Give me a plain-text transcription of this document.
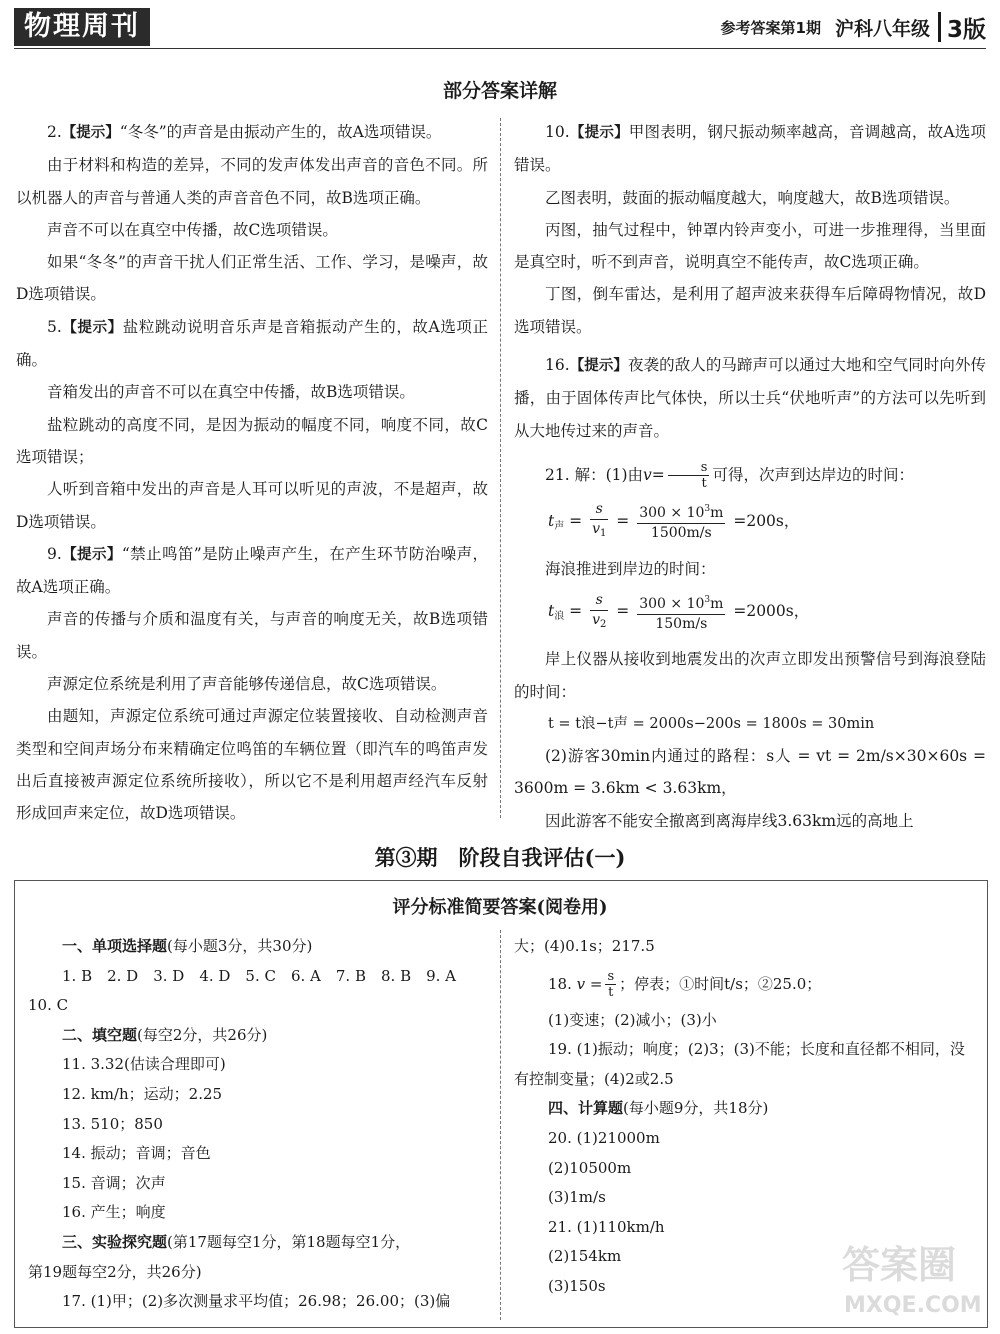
物理周刊	参考答案第1期 沪科八年级 3版
部分答案详解

2.【提示】“冬冬”的声音是由振动产生的，故A选项错误。

由于材料和构造的差异，不同的发声体发出声音的音色不同。所以机器人的声音与普通人类的声音音色不同，故B选项正确。

声音不可以在真空中传播，故C选项错误。

如果“冬冬”的声音干扰人们正常生活、工作、学习，是噪声，故D选项错误。

5.【提示】盐粒跳动说明音乐声是音箱振动产生的，故A选项正确。

音箱发出的声音不可以在真空中传播，故B选项错误。

盐粒跳动的高度不同，是因为振动的幅度不同，响度不同，故C选项错误；

人听到音箱中发出的声音是人耳可以听见的声波，不是超声，故D选项错误。

9.【提示】“禁止鸣笛”是防止噪声产生，在产生环节防治噪声，故A选项正确。

声音的传播与介质和温度有关，与声音的响度无关，故B选项错误。

声源定位系统是利用了声音能够传递信息，故C选项错误。

由题知，声源定位系统可通过声源定位装置接收、自动检测声音类型和空间声场分布来精确定位鸣笛的车辆位置（即汽车的鸣笛声发出后直接被声源定位系统所接收），所以它不是利用超声经汽车反射形成回声来定位，故D选项错误。

10.【提示】甲图表明，钢尺振动频率越高，音调越高，故A选项错误。

乙图表明，鼓面的振动幅度越大，响度越大，故B选项错误。

丙图，抽气过程中，钟罩内铃声变小，可进一步推理得，当里面是真空时，听不到声音，说明真空不能传声，故C选项正确。

丁图，倒车雷达，是利用了超声波来获得车后障碍物情况，故D选项错误。

16.【提示】夜袭的敌人的马蹄声可以通过大地和空气同时向外传播，由于固体传声比气体快，所以士兵“伏地听声”的方法可以先听到从大地传过来的声音。

21. 解：(1)由$v= \frac{s}{t}$ 可得，次声到达岸边的时间：

$t_声 = \frac{s}{v_1} = \frac{300 \times 10^3m}{1500m/s} =200s$，

海浪推进到岸边的时间：

$t_浪 = \frac{s}{v_2} = \frac{300 \times 10^3m}{150m/s} =2000s$，

岸上仪器从接收到地震发出的次声立即发出预警信号到海浪登陆的时间：

t = t浪−t声 = 2000s−200s = 1800s = 30min

(2)游客30min内通过的路程：s人 = vt = 2m/s×30×60s = 3600m = 3.6km < 3.63km，

因此游客不能安全撤离到离海岸线3.63km远的高地上

第③期　阶段自我评估(一)
评分标准简要答案(阅卷用)

一、单项选择题(每小题3分，共30分)

1. B　2. D　3. D　4. D　5. C　6. A　7. B　8. B　9. A

10. C

二、填空题(每空2分，共26分)

11. 3.32(估读合理即可)

12. km/h；运动；2.25

13. 510；850

14. 振动；音调；音色

15. 音调；次声

16. 产生；响度

三、实验探究题(第17题每空1分，第18题每空1分，

第19题每空2分，共26分)

17. (1)甲；(2)多次测量求平均值；26.98；26.00；(3)偏

大；(4)0.1s；217.5

18. $v = \frac{s}{t}$ ；停表；①时间t/s；②25.0；

(1)变速；(2)减小；(3)小

19. (1)振动；响度；(2)3；(3)不能；长度和直径都不相同，没有控制变量；(4)2或2.5

四、计算题(每小题9分，共18分)

20. (1)21000m

(2)10500m

(3)1m/s

21. (1)110km/h

(2)154km

(3)150s	答案圈
MXQE.COM
